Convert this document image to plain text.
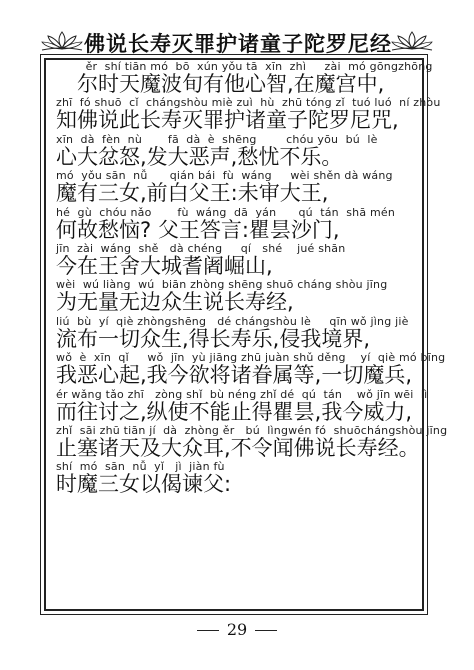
佛说长寿灭罪护诸童子陀罗尼经
ěr  shí tiān mó  bō  xún yǒu tā  xīn  zhì     zài  mó gōngzhōng
　尔时天魔波旬有他心智,在魔宫中,
zhī  fó shuō  cǐ  chángshòu miè zuì  hù  zhū tóng zǐ  tuó luó  ní zhòu
知佛说此长寿灭罪护诸童子陀罗尼咒,
xīn  dà  fèn  nù       fā  dà  è  shēng        chóu yōu  bú  lè
心大忿怒,发大恶声,愁忧不乐。
mó  yǒu sān  nǚ      qián bái  fù  wáng     wèi shěn dà wáng
魔有三女,前白父王:未审大王,
hé  gù  chóu nǎo       fù  wáng  dā  yán      qú  tán  shā mén
何故愁恼? 父王答言:瞿昙沙门,
jīn  zài  wáng  shě   dà chéng     qí   shé    jué shān
今在王舍大城耆阇崛山,
wèi  wú liàng  wú  biān zhòng shēng shuō cháng shòu jīng
为无量无边众生说长寿经,
liú  bù  yí  qiè zhòngshēng   dé chángshòu lè     qīn wǒ jìng jiè
流布一切众生,得长寿乐,侵我境界,
wǒ  è  xīn  qǐ     wǒ  jīn  yù jiāng zhū juàn shǔ děng    yí  qiè mó bīng
我恶心起,我今欲将诸眷属等,一切魔兵,
ér wǎng tǎo zhī   zòng shǐ  bù néng zhǐ dé  qú  tán    wǒ jīn wēi  lì
而往讨之,纵使不能止得瞿昙,我今威力,
zhǐ  sāi zhū tiān jí  dà  zhòng ěr   bú  lìngwén fó  shuōchángshòu jīng
止塞诸天及大众耳,不令闻佛说长寿经。
shí  mó  sān  nǚ  yǐ   jì  jiàn fù
时魔三女以偈谏父:
29
